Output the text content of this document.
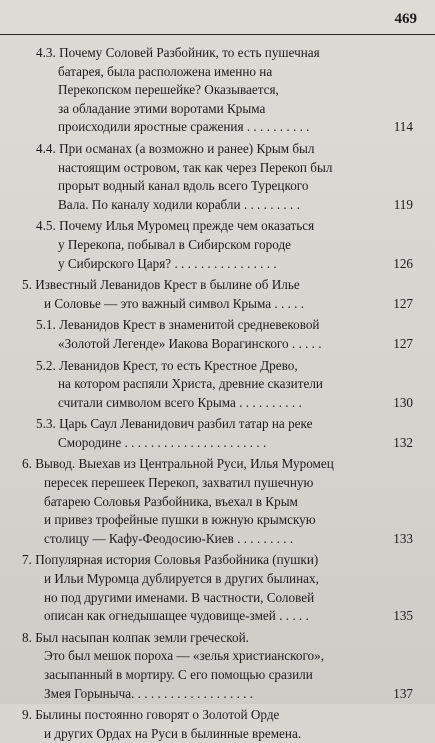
469
4.3. Почему Соловей Разбойник, то есть пушечная
батарея, была расположена именно на
Перекопском перешейке? Оказывается,
за обладание этими воротами Крыма
происходили яростные сражения . . . . . . . . . .	114
4.4. При османах (а возможно и ранее) Крым был
настоящим островом, так как через Перекоп был
прорыт водный канал вдоль всего Турецкого
Вала. По каналу ходили корабли . . . . . . . . .	119
4.5. Почему Илья Муромец прежде чем оказаться
у Перекопа, побывал в Сибирском городе
у Сибирского Царя? . . . . . . . . . . . . . . . .	126
5. Известный Леванидов Крест в былине об Илье
и Соловье — это важный символ Крыма . . . . .	127
5.1. Леванидов Крест в знаменитой средневековой
«Золотой Легенде» Иакова Ворагинского . . . . .	127
5.2. Леванидов Крест, то есть Крестное Древо,
на котором распяли Христа, древние сказители
считали символом всего Крыма . . . . . . . . . .	130
5.3. Царь Саул Леванидович разбил татар на реке
Смородине . . . . . . . . . . . . . . . . . . . . . .	132
6. Вывод. Выехав из Центральной Руси, Илья Муромец
пересек перешеек Перекоп, захватил пушечную
батарею Соловья Разбойника, въехал в Крым
и привез трофейные пушки в южную крымскую
столицу — Кафу-Феодосию-Киев . . . . . . . . .	133
7. Популярная история Соловья Разбойника (пушки)
и Ильи Муромца дублируется в других былинах,
но под другими именами. В частности, Соловей
описан как огнедышащее чудовище-змей . . . . .	135
8. Был насыпан колпак земли греческой.
Это был мешок пороха — «зелья христианского»,
засыпанный в мортиру. С его помощью сразили
Змея Горыныча. . . . . . . . . . . . . . . . . . .	137
9. Былины постоянно говорят о Золотой Орде
и других Ордах на Руси в былинные времена.
